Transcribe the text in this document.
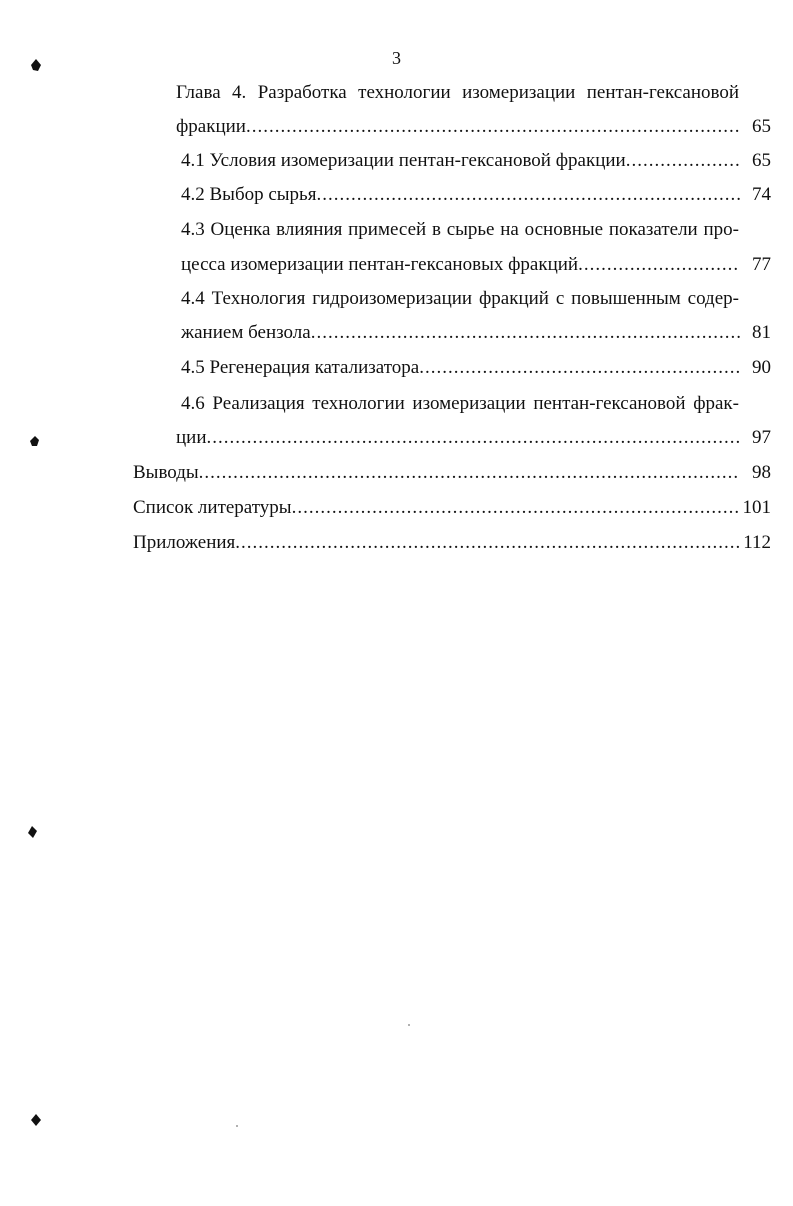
3
Глава 4. Разработка технологии изомеризации пентан-гексановой
фракции .....	65
4.1 Условия изомеризации пентан-гексановой фракции .....	65
4.2 Выбор сырья .....	74
4.3 Оценка влияния примесей в сырье на основные показатели про-
цесса изомеризации пентан-гексановых фракций .....	77
4.4 Технология гидроизомеризации фракций с повышенным содер-
жанием бензола .....	81
4.5 Регенерация катализатора .....	90
4.6 Реализация технологии изомеризации пентан-гексановой фрак-
ции .....	97
Выводы .....	98
Список литературы .....	101
Приложения .....	112
